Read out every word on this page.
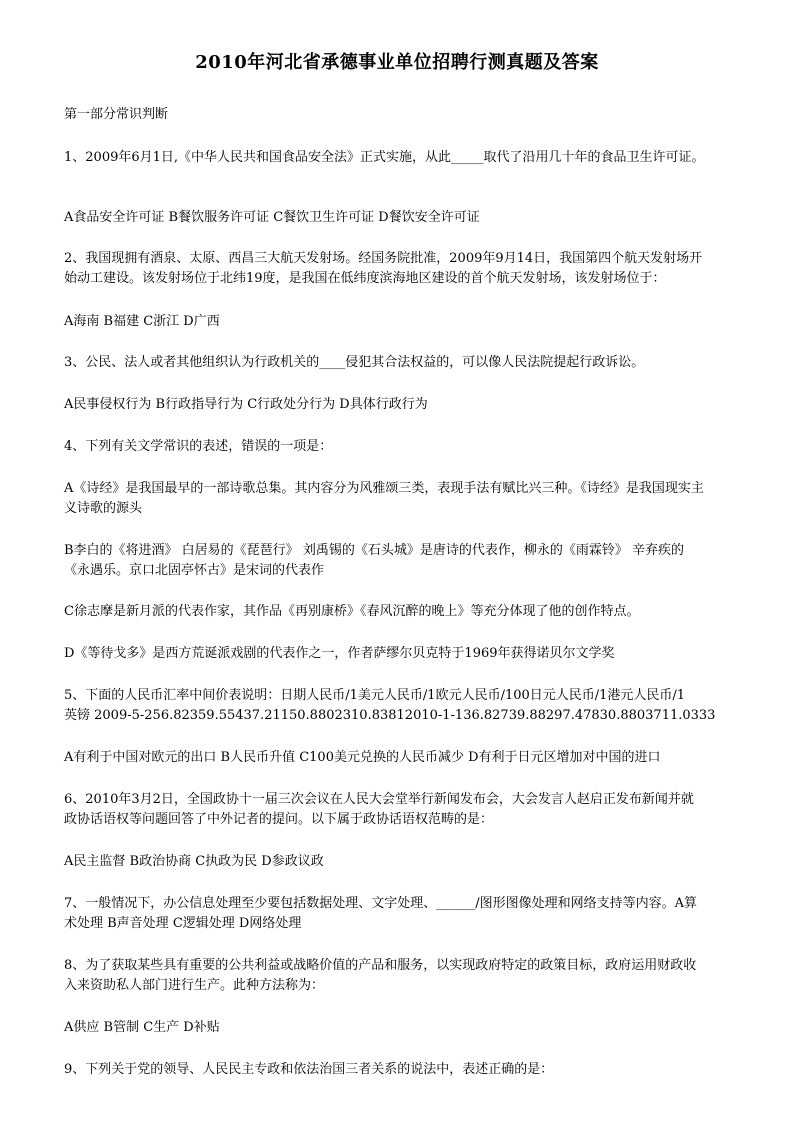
2010年河北省承德事业单位招聘行测真题及答案
第一部分常识判断
1、2009年6月1日,《中华人民共和国食品安全法》正式实施，从此_____取代了沿用几十年的食品卫生许可证。
A食品安全许可证 B餐饮服务许可证 C餐饮卫生许可证 D餐饮安全许可证
2、我国现拥有酒泉、太原、西昌三大航天发射场。经国务院批准，2009年9月14日，我国第四个航天发射场开
始动工建设。该发射场位于北纬19度，是我国在低纬度滨海地区建设的首个航天发射场，该发射场位于：
A海南 B福建 C浙江 D广西
3、公民、法人或者其他组织认为行政机关的____侵犯其合法权益的，可以像人民法院提起行政诉讼。
A民事侵权行为 B行政指导行为 C行政处分行为 D具体行政行为
4、下列有关文学常识的表述，错误的一项是：
A《诗经》是我国最早的一部诗歌总集。其内容分为风雅颂三类，表现手法有赋比兴三种。《诗经》是我国现实主
义诗歌的源头
B李白的《将进酒》 白居易的《琵琶行》 刘禹锡的《石头城》是唐诗的代表作，柳永的《雨霖铃》 辛弃疾的
《永遇乐。京口北固亭怀古》是宋词的代表作
C徐志摩是新月派的代表作家，其作品《再别康桥》《春风沉醉的晚上》等充分体现了他的创作特点。
D《等待戈多》是西方荒诞派戏剧的代表作之一，作者萨缪尔贝克特于1969年获得诺贝尔文学奖
5、下面的人民币汇率中间价表说明：日期人民币/1美元人民币/1欧元人民币/100日元人民币/1港元人民币/1
英镑 2009-5-256.82359.55437.21150.8802310.83812010-1-136.82739.88297.47830.8803711.0333
A有利于中国对欧元的出口 B人民币升值 C100美元兑换的人民币减少 D有利于日元区增加对中国的进口
6、2010年3月2日，全国政协十一届三次会议在人民大会堂举行新闻发布会，大会发言人赵启正发布新闻并就
政协话语权等问题回答了中外记者的提问。以下属于政协话语权范畴的是：
A民主监督 B政治协商 C执政为民 D参政议政
7、一般情况下，办公信息处理至少要包括数据处理、文字处理、______/图形图像处理和网络支持等内容。A算
术处理 B声音处理 C逻辑处理 D网络处理
8、为了获取某些具有重要的公共利益或战略价值的产品和服务，以实现政府特定的政策目标，政府运用财政收
入来资助私人部门进行生产。此种方法称为：
A供应 B管制 C生产 D补贴
9、下列关于党的领导、人民民主专政和依法治国三者关系的说法中，表述正确的是：
